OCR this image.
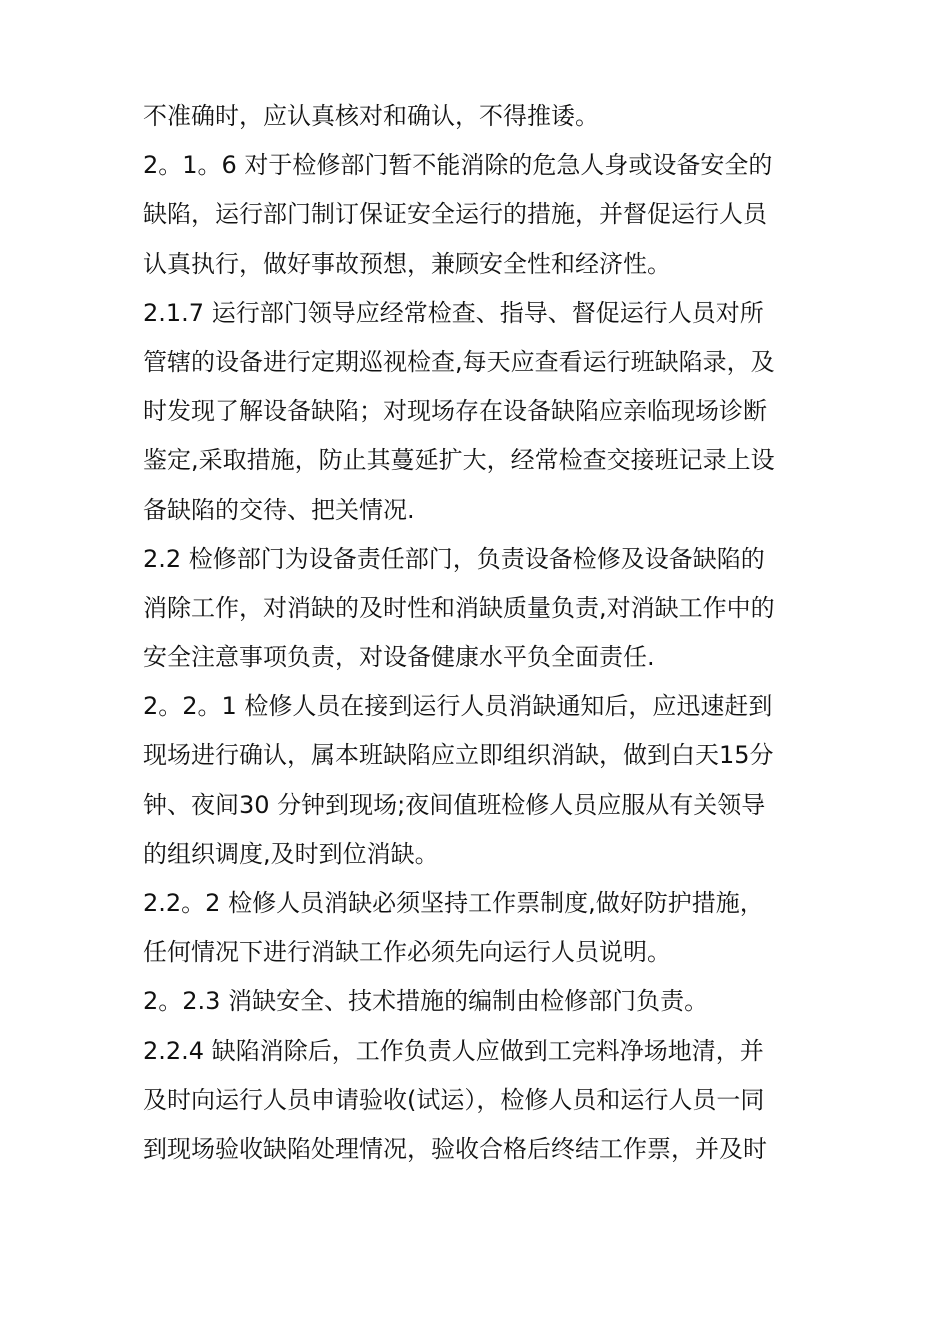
不准确时，应认真核对和确认，不得推诿。
2。1。6 对于检修部门暂不能消除的危急人身或设备安全的
缺陷，运行部门制订保证安全运行的措施，并督促运行人员
认真执行，做好事故预想，兼顾安全性和经济性。
2.1.7 运行部门领导应经常检查、指导、督促运行人员对所
管辖的设备进行定期巡视检查,每天应查看运行班缺陷录，及
时发现了解设备缺陷；对现场存在设备缺陷应亲临现场诊断
鉴定,采取措施，防止其蔓延扩大，经常检查交接班记录上设
备缺陷的交待、把关情况.
2.2 检修部门为设备责任部门，负责设备检修及设备缺陷的
消除工作，对消缺的及时性和消缺质量负责,对消缺工作中的
安全注意事项负责，对设备健康水平负全面责任.
2。2。1 检修人员在接到运行人员消缺通知后，应迅速赶到
现场进行确认，属本班缺陷应立即组织消缺，做到白天15分
钟、夜间30 分钟到现场;夜间值班检修人员应服从有关领导
的组织调度,及时到位消缺。
2.2。2 检修人员消缺必须坚持工作票制度,做好防护措施，
任何情况下进行消缺工作必须先向运行人员说明。
2。2.3 消缺安全、技术措施的编制由检修部门负责。
2.2.4 缺陷消除后，工作负责人应做到工完料净场地清，并
及时向运行人员申请验收(试运），检修人员和运行人员一同
到现场验收缺陷处理情况，验收合格后终结工作票，并及时
